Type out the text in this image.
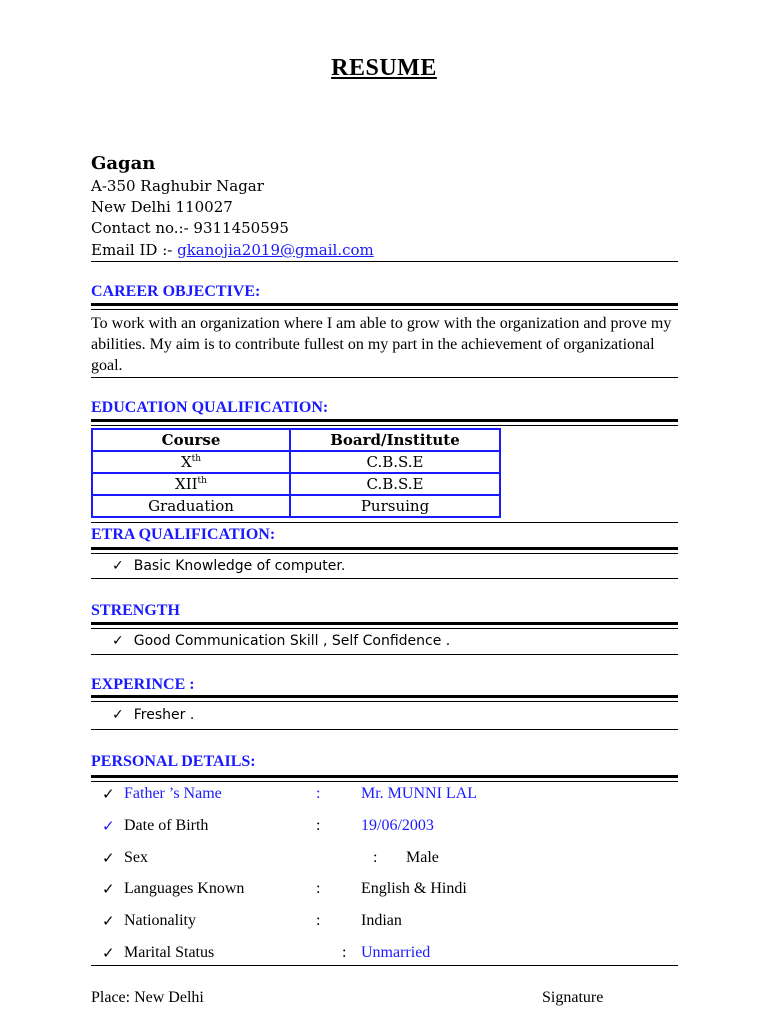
RESUME
Gagan
A-350 Raghubir Nagar
New Delhi 110027
Contact no.:- 9311450595
Email ID :- gkanojia2019@gmail.com
CAREER OBJECTIVE:
To work with an organization where I am able to grow with the organization and prove my abilities. My aim is to contribute fullest on my part in the achievement of organizational goal.
EDUCATION QUALIFICATION:
Course	Board/Institute
Xth	C.B.S.E
XIIth	C.B.S.E
Graduation	Pursuing
ETRA QUALIFICATION:
✓ Basic Knowledge of computer.
STRENGTH
✓ Good Communication Skill , Self Confidence .
EXPERINCE :
✓ Fresher .
PERSONAL DETAILS:
✓ Father ’s Name	:	Mr. MUNNI LAL
✓ Date of Birth	:	19/06/2003
✓ Sex	: Male
✓ Languages Known	:	English & Hindi
✓ Nationality	:	Indian
✓ Marital Status	: Unmarried
Place: New Delhi	Signature
